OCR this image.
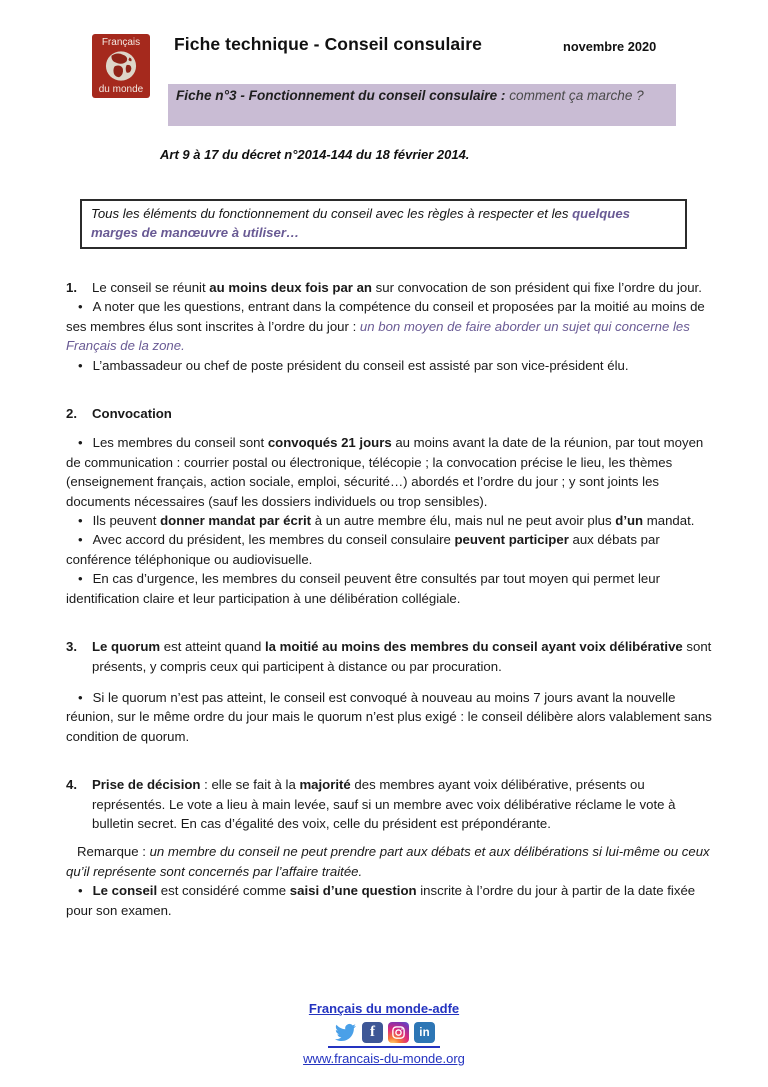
Français
du monde
Fiche technique - Conseil consulaire	novembre 2020
Fiche n°3 - Fonctionnement du conseil consulaire : comment ça marche ?
Art 9 à 17 du décret n°2014-144 du 18 février 2014.
Tous les éléments du fonctionnement du conseil avec les règles à respecter et les quelques marges de manœuvre à utiliser…

1. Le conseil se réunit au moins deux fois par an sur convocation de son président qui fixe l’ordre du jour.

• A noter que les questions, entrant dans la compétence du conseil et proposées par la moitié au moins de ses membres élus sont inscrites à l’ordre du jour : un bon moyen de faire aborder un sujet qui concerne les Français de la zone.

• L’ambassadeur ou chef de poste président du conseil est assisté par son vice-président élu.

2. Convocation

• Les membres du conseil sont convoqués 21 jours au moins avant la date de la réunion, par tout moyen de communication : courrier postal ou électronique, télécopie ; la convocation précise le lieu, les thèmes (enseignement français, action sociale, emploi, sécurité…) abordés et l’ordre du jour ; y sont joints les documents nécessaires (sauf les dossiers individuels ou trop sensibles).

• Ils peuvent donner mandat par écrit à un autre membre élu, mais nul ne peut avoir plus d’un mandat.

• Avec accord du président, les membres du conseil consulaire peuvent participer aux débats par conférence téléphonique ou audiovisuelle.

• En cas d’urgence, les membres du conseil peuvent être consultés par tout moyen qui permet leur identification claire et leur participation à une délibération collégiale.

3. Le quorum est atteint quand la moitié au moins des membres du conseil ayant voix délibérative sont présents, y compris ceux qui participent à distance ou par procuration.

• Si le quorum n’est pas atteint, le conseil est convoqué à nouveau au moins 7 jours avant la nouvelle réunion, sur le même ordre du jour mais le quorum n’est plus exigé : le conseil délibère alors valablement sans condition de quorum.

4. Prise de décision : elle se fait à la majorité des membres ayant voix délibérative, présents ou représentés. Le vote a lieu à main levée, sauf si un membre avec voix délibérative réclame le vote à bulletin secret. En cas d’égalité des voix, celle du président est prépondérante.

Remarque : un membre du conseil ne peut prendre part aux débats et aux délibérations si lui-même ou ceux qu’il représente sont concernés par l’affaire traitée.

• Le conseil est considéré comme saisi d’une question inscrite à l’ordre du jour à partir de la date fixée pour son examen.

Français du monde-adfe
f	in
www.francais-du-monde.org
